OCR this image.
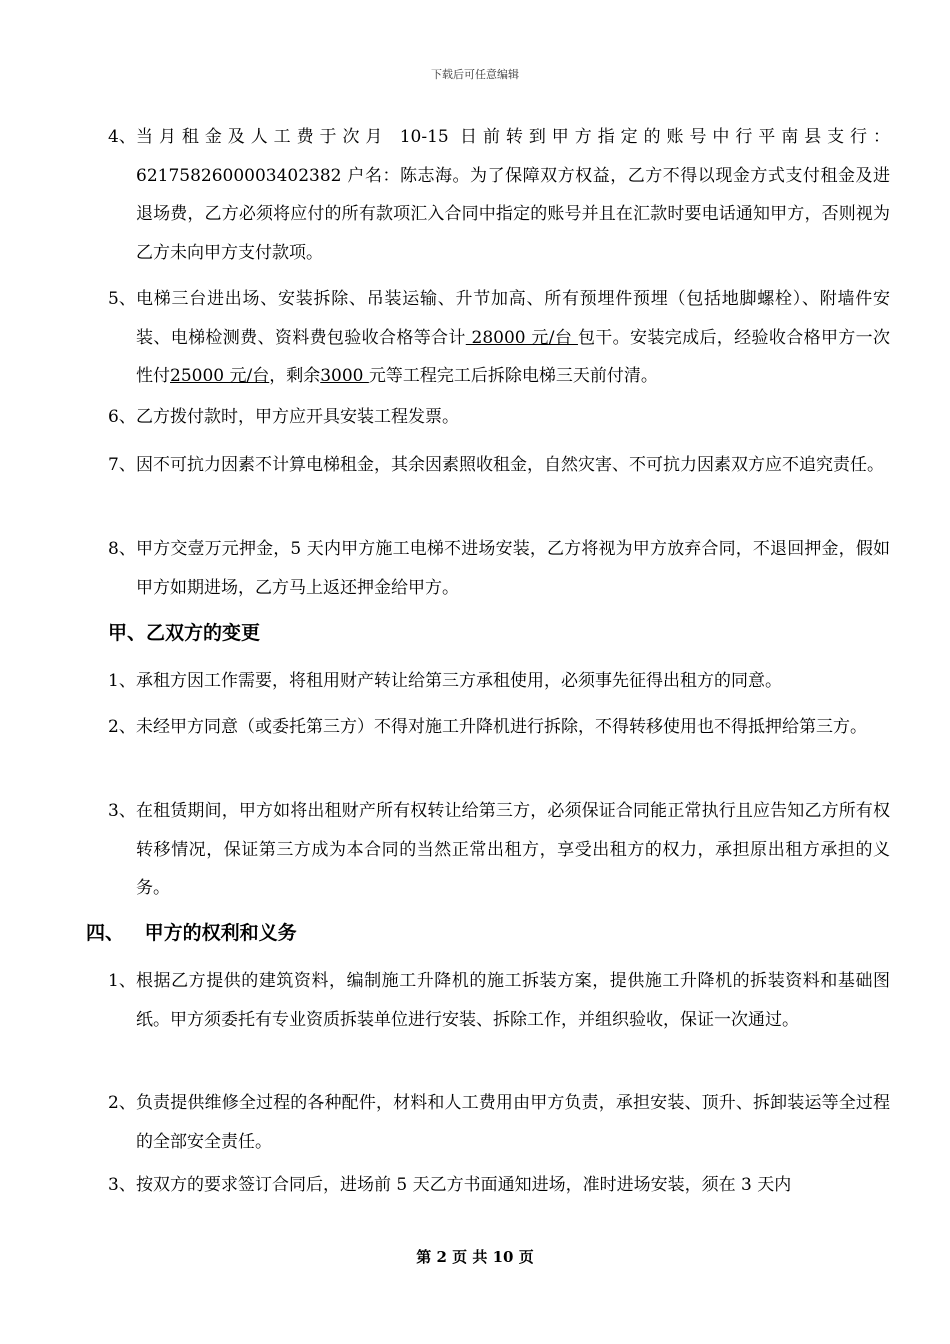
下载后可任意编辑
4、 当月租金及人工费于次月 10-15 日前转到甲方指定的账号中行平南县支行：6217582600003402382 户名：陈志海。为了保障双方权益，乙方不得以现金方式支付租金及进退场费，乙方必须将应付的所有款项汇入合同中指定的账号并且在汇款时要电话通知甲方，否则视为乙方未向甲方支付款项。
5、 电梯三台进出场、安装拆除、吊装运输、升节加高、所有预埋件预埋（包括地脚螺栓）、附墙件安装、电梯检测费、资料费包验收合格等合计 28000 元/台 包干。安装完成后，经验收合格甲方一次性付25000 元/台，剩余3000 元等工程完工后拆除电梯三天前付清。
6、 乙方拨付款时，甲方应开具安装工程发票。
7、 因不可抗力因素不计算电梯租金，其余因素照收租金，自然灾害、不可抗力因素双方应不追究责任。
8、 甲方交壹万元押金，5 天内甲方施工电梯不进场安装，乙方将视为甲方放弃合同，不退回押金，假如甲方如期进场，乙方马上返还押金给甲方。
甲、乙双方的变更
1、 承租方因工作需要，将租用财产转让给第三方承租使用，必须事先征得出租方的同意。
2、 未经甲方同意（或委托第三方）不得对施工升降机进行拆除，不得转移使用也不得抵押给第三方。
3、 在租赁期间，甲方如将出租财产所有权转让给第三方，必须保证合同能正常执行且应告知乙方所有权转移情况，保证第三方成为本合同的当然正常出租方，享受出租方的权力，承担原出租方承担的义务。
四、 甲方的权利和义务
1、 根据乙方提供的建筑资料，编制施工升降机的施工拆装方案，提供施工升降机的拆装资料和基础图纸。甲方须委托有专业资质拆装单位进行安装、拆除工作，并组织验收，保证一次通过。
2、 负责提供维修全过程的各种配件，材料和人工费用由甲方负责，承担安装、顶升、拆卸装运等全过程的全部安全责任。
3、 按双方的要求签订合同后，进场前 5 天乙方书面通知进场，准时进场安装，须在 3 天内
第 2 页 共 10 页
